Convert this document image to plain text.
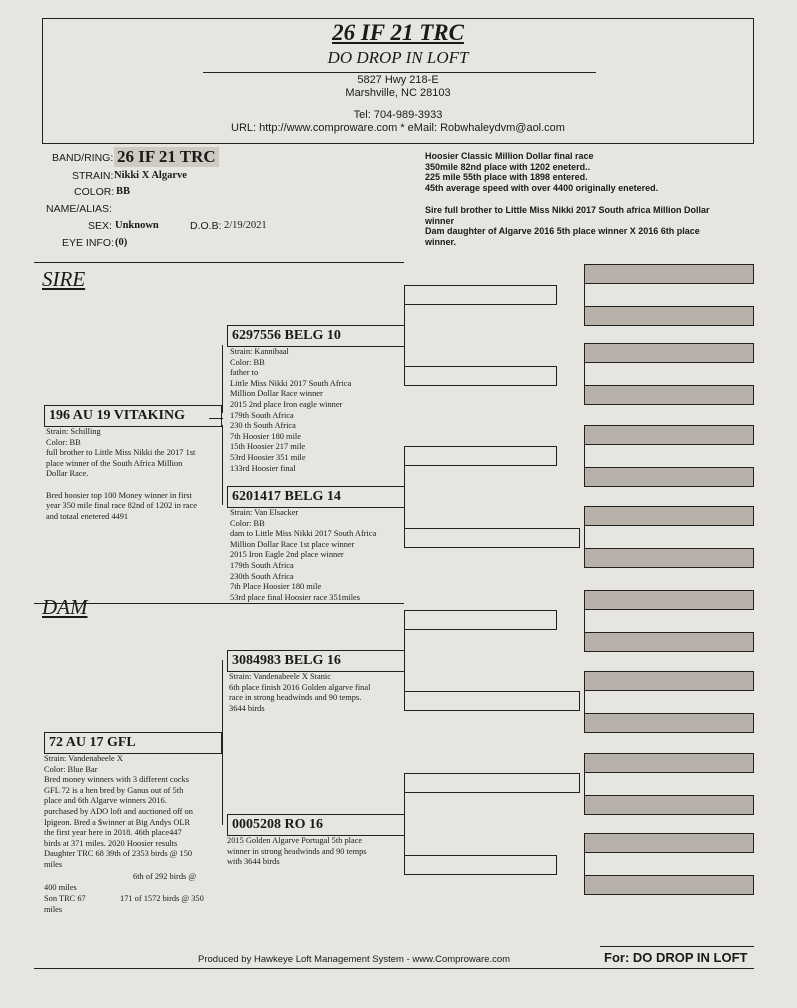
26 IF 21 TRC
DO DROP IN LOFT
5827 Hwy 218-E
Marshville, NC 28103
Tel: 704-989-3933
URL: http://www.comproware.com * eMail: Robwhaleydvm@aol.com
BAND/RING: 26 IF 21 TRC
STRAIN: Nikki X Algarve
COLOR: BB
NAME/ALIAS:
SEX: Unknown	D.O.B: 2/19/2021
EYE INFO: (0)
Hoosier Classic Million Dollar final race
350mile 82nd place with 1202 eneterd..
225 mile 55th place with 1898 entered.
45th average speed with over 4400 originally enetered.
Sire full brother to Little Miss Nikki 2017 South africa Million Dollar
winner
Dam daughter of Algarve 2016 5th place winner X 2016 6th place
winner.
SIRE
DAM
196 AU 19 VITAKING
Strain: Schilling
Color: BB
full brother to Little Miss Nikki the 2017 1st
place winner of the South Africa Million
Dollar Race.
Bred hoosier top 100 Money winner in first
year 350 mile final race 82nd of 1202 in race
and totaal enetered 4491
6297556 BELG 10
Strain: Kannibaal
Color: BB
father to
Little Miss Nikki 2017 South Africa
Million Dollar Race winner
2015 2nd place Iron eagle winner
179th South Africa
230 th South Africa
7th Hoosier 180 mile
15th Hoosier 217 mile
53rd Hoosier 351 mile
133rd Hoosier final
6201417 BELG 14
Strain: Van Elsacker
Color: BB
dam to Little Miss Nikki 2017 South Africa
Million Dollar Race 1st place winner
2015 Iron Eagle 2nd place winner
179th South Africa
230th South Africa
7th Place Hoosier 180 mile
53rd place final Hoosier race 351miles
72 AU 17 GFL
Strain: Vandenabeele X
Color: Blue Bar
Bred money winners with 3 different cocks
GFL 72 is a hen bred by Ganus out of 5th
place and 6th Algarve winners 2016.
purchased by ADO loft and auctioned off on
Ipigeon. Bred a $winner at Big Andys OLR
the first year here in 2018. 46th place447
birds at 371 miles. 2020 Hoosier results
Daughter TRC 68 39th of 2353 birds @ 150
miles
6th of 292 birds @
400 miles
Son TRC 67	171 of 1572 birds @ 350
miles
3084983 BELG 16
Strain: Vandenabeele X Stanic
6th place finish 2016 Golden algarve final
race in strong headwinds and 90 temps.
3644 birds
0005208 RO 16
2015 Golden Algarve Portugal 5th place
winner in strong headwinds and 90 temps
with 3644 birds
For: DO DROP IN LOFT
Produced by Hawkeye Loft Management System - www.Comproware.com
